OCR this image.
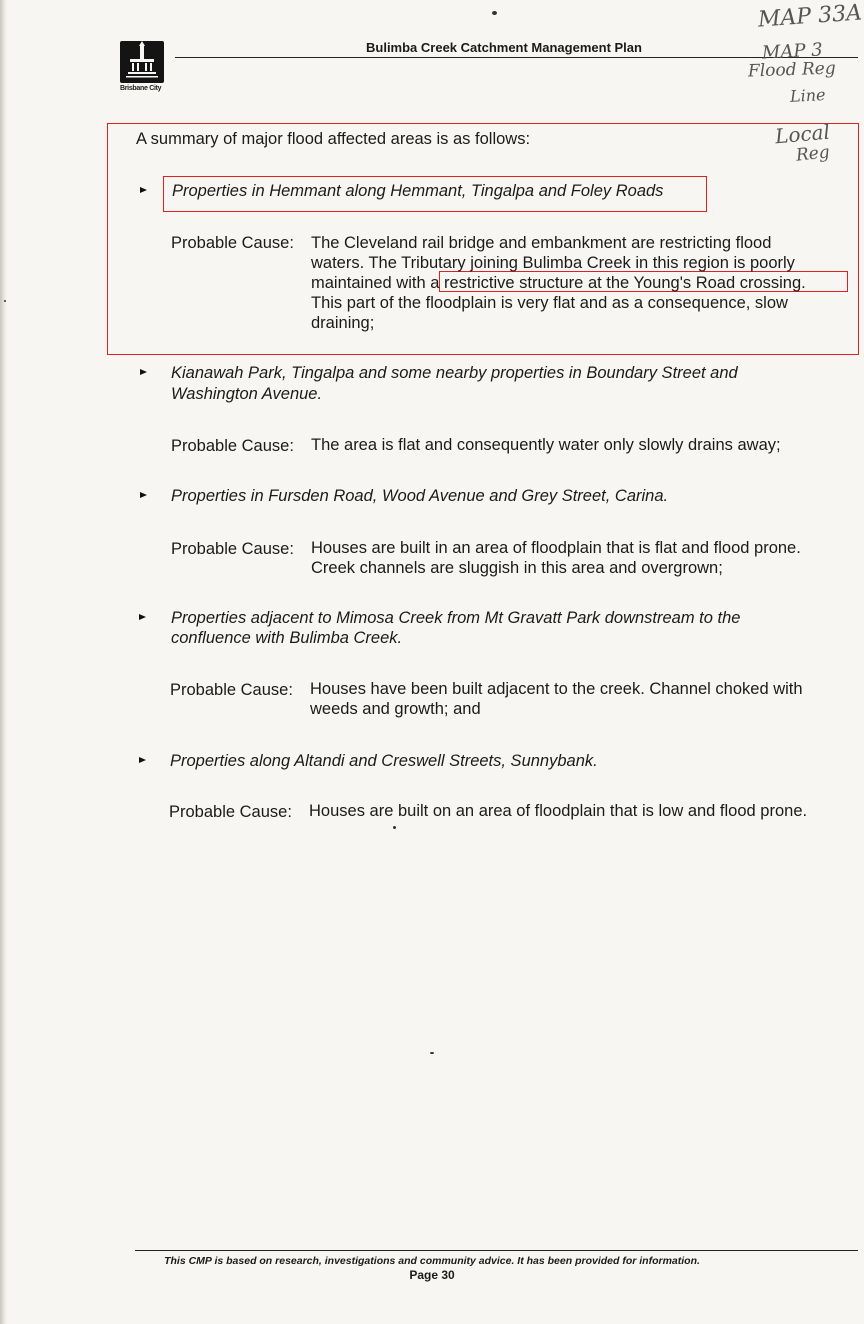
Brisbane City
Bulimba Creek Catchment Management Plan
MAP 33A
MAP 3
Flood Reg
Line
Local
Reg
A summary of major flood affected areas is as follows:
Properties in Hemmant along Hemmant, Tingalpa and Foley Roads
Probable Cause: The Cleveland rail bridge and embankment are restricting flood
waters. The Tributary joining Bulimba Creek in this region is poorly
maintained with a restrictive structure at the Young's Road crossing.
This part of the floodplain is very flat and as a consequence, slow
draining;
Kianawah Park, Tingalpa and some nearby properties in Boundary Street and
Washington Avenue.
Probable Cause: The area is flat and consequently water only slowly drains away;
Properties in Fursden Road, Wood Avenue and Grey Street, Carina.
Probable Cause: Houses are built in an area of floodplain that is flat and flood prone.
Creek channels are sluggish in this area and overgrown;
Properties adjacent to Mimosa Creek from Mt Gravatt Park downstream to the
confluence with Bulimba Creek.
Probable Cause: Houses have been built adjacent to the creek. Channel choked with
weeds and growth; and
Properties along Altandi and Creswell Streets, Sunnybank.
Probable Cause: Houses are built on an area of floodplain that is low and flood prone.
This CMP is based on research, investigations and community advice. It has been provided for information.
Page 30
